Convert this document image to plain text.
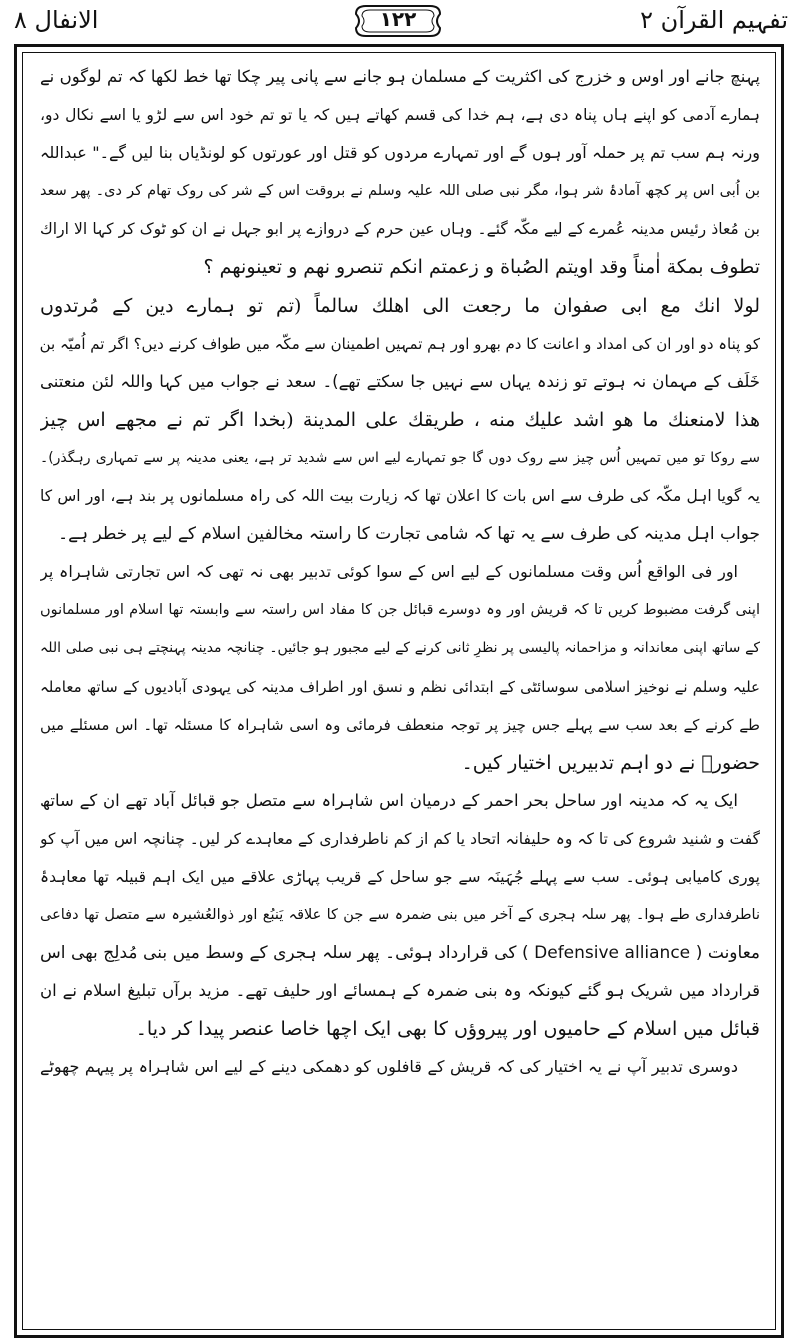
تفہیم القرآن ۲
۱۲۲
الانفال ۸
پہنچ جانے اور اوس و خزرج کی اکثریت کے مسلمان ہو جانے سے پانی پیر چکا تھا خط لکھا کہ تم لوگوں نے
ہمارے آدمی کو اپنے ہاں پناہ دی ہے، ہم خدا کی قسم کھاتے ہیں کہ یا تو تم خود اس سے لڑو یا اسے نکال دو،
ورنہ ہم سب تم پر حملہ آور ہوں گے اور تمہارے مردوں کو قتل اور عورتوں کو لونڈیاں بنا لیں گے۔" عبداللہ
بن اُبی اس پر کچھ آمادۂ شر ہوا، مگر نبی صلی اللہ علیہ وسلم نے بروقت اس کے شر کی روک تھام کر دی۔ پھر سعد
بن مُعاذ رئیس مدینہ عُمرے کے لیے مکّہ گئے۔ وہاں عین حرم کے دروازے پر ابو جہل نے ان کو ٹوک کر کہا الا اراك
تطوف بمكة اٰمناً وقد اويتم الصُباة و زعمتم انكم تنصرو نهم و تعينونهم ؟
لولا انك مع ابى صفوان ما رجعت الى اهلك سالماً (تم تو ہمارے دین کے مُرتدوں
کو پناہ دو اور ان کی امداد و اعانت کا دم بھرو اور ہم تمہیں اطمینان سے مکّہ میں طواف کرنے دیں؟ اگر تم اُمیّہ بن
خَلَف کے مہمان نہ ہوتے تو زندہ یہاں سے نہیں جا سکتے تھے)۔ سعد نے جواب میں کہا واللہ لئن منعتنى
هذا لامنعنك ما هو اشد عليك منه ، طريقك على المدينة (بخدا اگر تم نے مجھے اس چیز
سے روکا تو میں تمہیں اُس چیز سے روک دوں گا جو تمہارے لیے اس سے شدید تر ہے، یعنی مدینہ پر سے تمہاری رہگذر)۔
یہ گویا اہل مکّہ کی طرف سے اس بات کا اعلان تھا کہ زیارت بیت اللہ کی راہ مسلمانوں پر بند ہے، اور اس کا
جواب اہل مدینہ کی طرف سے یہ تھا کہ شامی تجارت کا راستہ مخالفین اسلام کے لیے پر خطر ہے۔
اور فی الواقع اُس وقت مسلمانوں کے لیے اس کے سوا کوئی تدبیر بھی نہ تھی کہ اس تجارتی شاہراہ پر
اپنی گرفت مضبوط کریں تا کہ قریش اور وہ دوسرے قبائل جن کا مفاد اس راستہ سے وابستہ تھا اسلام اور مسلمانوں
کے ساتھ اپنی معاندانہ و مزاحمانہ پالیسی پر نظرِ ثانی کرنے کے لیے مجبور ہو جائیں۔ چنانچہ مدینہ پہنچتے ہی نبی صلی اللہ
علیہ وسلم نے نوخیز اسلامی سوسائٹی کے ابتدائی نظم و نسق اور اطراف مدینہ کی یہودی آبادیوں کے ساتھ معاملہ
طے کرنے کے بعد سب سے پہلے جس چیز پر توجہ منعطف فرمائی وہ اسی شاہراہ کا مسئلہ تھا۔ اس مسئلے میں
حضورؐ نے دو اہم تدبیریں اختیار کیں۔
ایک یہ کہ مدینہ اور ساحل بحر احمر کے درمیان اس شاہراہ سے متصل جو قبائل آباد تھے ان کے ساتھ
گفت و شنید شروع کی تا کہ وہ حلیفانہ اتحاد یا کم از کم ناطرفداری کے معاہدے کر لیں۔ چنانچہ اس میں آپ کو
پوری کامیابی ہوئی۔ سب سے پہلے جُہَینَہ سے جو ساحل کے قریب پہاڑی علاقے میں ایک اہم قبیلہ تھا معاہدۂ
ناطرفداری طے ہوا۔ پھر سلہ ہجری کے آخر میں بنی ضمرہ سے جن کا علاقہ یَنبُع اور ذوالعُشیرہ سے متصل تھا دفاعی
معاونت ( Defensive alliance ) کی قرارداد ہوئی۔ پھر سلہ ہجری کے وسط میں بنی مُدلِج بھی اس
قرارداد میں شریک ہو گئے کیونکہ وہ بنی ضمرہ کے ہمسائے اور حلیف تھے۔ مزید برآں تبلیغ اسلام نے ان
قبائل میں اسلام کے حامیوں اور پیروؤں کا بھی ایک اچھا خاصا عنصر پیدا کر دیا۔
دوسری تدبیر آپ نے یہ اختیار کی کہ قریش کے قافلوں کو دھمکی دینے کے لیے اس شاہراہ پر پیہم چھوٹے
